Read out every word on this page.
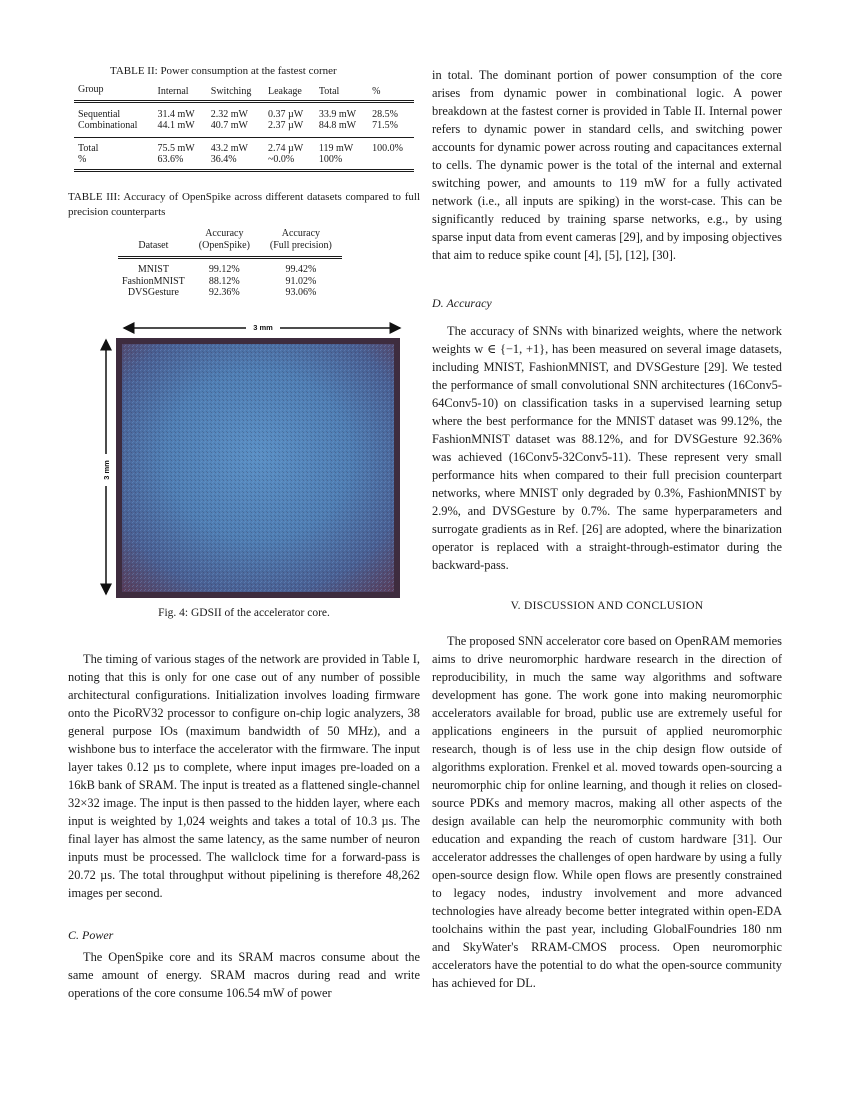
TABLE II: Power consumption at the fastest corner
Group	Internal	Switching	Leakage	Total	%
Sequential	31.4 mW	2.32 mW	0.37 µW	33.9 mW	28.5%
Combinational	44.1 mW	40.7 mW	2.37 µW	84.8 mW	71.5%
Total	75.5 mW	43.2 mW	2.74 µW	119 mW	100.0%
%	63.6%	36.4%	~0.0%	100%	
TABLE III: Accuracy of OpenSpike across different datasets compared to full precision counterparts
	Accuracy	Accuracy
Dataset	(OpenSpike)	(Full precision)
MNIST	99.12%	99.42%
FashionMNIST	88.12%	91.02%
DVSGesture	92.36%	93.06%
3 mm
3 mm
Fig. 4: GDSII of the accelerator core.

The timing of various stages of the network are provided in Table I, noting that this is only for one case out of any number of possible architectural configurations. Initialization involves loading firmware onto the PicoRV32 processor to configure on-chip logic analyzers, 38 general purpose IOs (maximum bandwidth of 50 MHz), and a wishbone bus to interface the accelerator with the firmware. The input layer takes 0.12 µs to complete, where input images pre-loaded on a 16kB bank of SRAM. The input is treated as a flattened single-channel 32×32 image. The input is then passed to the hidden layer, where each input is weighted by 1,024 weights and takes a total of 10.3 µs. The final layer has almost the same latency, as the same number of neuron inputs must be processed. The wallclock time for a forward-pass is 20.72 µs. The total throughput without pipelining is therefore 48,262 images per second.

C. Power

The OpenSpike core and its SRAM macros consume about the same amount of energy. SRAM macros during read and write operations of the core consume 106.54 mW of power

in total. The dominant portion of power consumption of the core arises from dynamic power in combinational logic. A power breakdown at the fastest corner is provided in Table II. Internal power refers to dynamic power in standard cells, and switching power accounts for dynamic power across routing and capacitances external to cells. The dynamic power is the total of the internal and external switching power, and amounts to 119 mW for a fully activated network (i.e., all inputs are spiking) in the worst-case. This can be significantly reduced by training sparse networks, e.g., by using sparse input data from event cameras [29], and by imposing objectives that aim to reduce spike count [4], [5], [12], [30].

D. Accuracy

The accuracy of SNNs with binarized weights, where the network weights w ∈ {−1, +1}, has been measured on several image datasets, including MNIST, FashionMNIST, and DVSGesture [29]. We tested the performance of small convolutional SNN architectures (16Conv5-64Conv5-10) on classification tasks in a supervised learning setup where the best performance for the MNIST dataset was 99.12%, the FashionMNIST dataset was 88.12%, and for DVSGesture 92.36% was achieved (16Conv5-32Conv5-11). These represent very small performance hits when compared to their full precision counterpart networks, where MNIST only degraded by 0.3%, FashionMNIST by 2.9%, and DVSGesture by 0.7%. The same hyperparameters and surrogate gradients as in Ref. [26] are adopted, where the binarization operator is replaced with a straight-through-estimator during the backward-pass.

V. DISCUSSION AND CONCLUSION

The proposed SNN accelerator core based on OpenRAM memories aims to drive neuromorphic hardware research in the direction of reproducibility, in much the same way algorithms and software development has gone. The work gone into making neuromorphic accelerators available for broad, public use are extremely useful for applications engineers in the pursuit of applied neuromorphic research, though is of less use in the chip design flow outside of algorithms exploration. Frenkel et al. moved towards open-sourcing a neuromorphic chip for online learning, and though it relies on closed-source PDKs and memory macros, making all other aspects of the design available can help the neuromorphic community with both education and expanding the reach of custom hardware [31]. Our accelerator addresses the challenges of open hardware by using a fully open-source design flow. While open flows are presently constrained to legacy nodes, industry involvement and more advanced technologies have already become better integrated within open-EDA toolchains within the past year, including GlobalFoundries 180 nm and SkyWater's RRAM-CMOS process. Open neuromorphic accelerators have the potential to do what the open-source community has achieved for DL.
